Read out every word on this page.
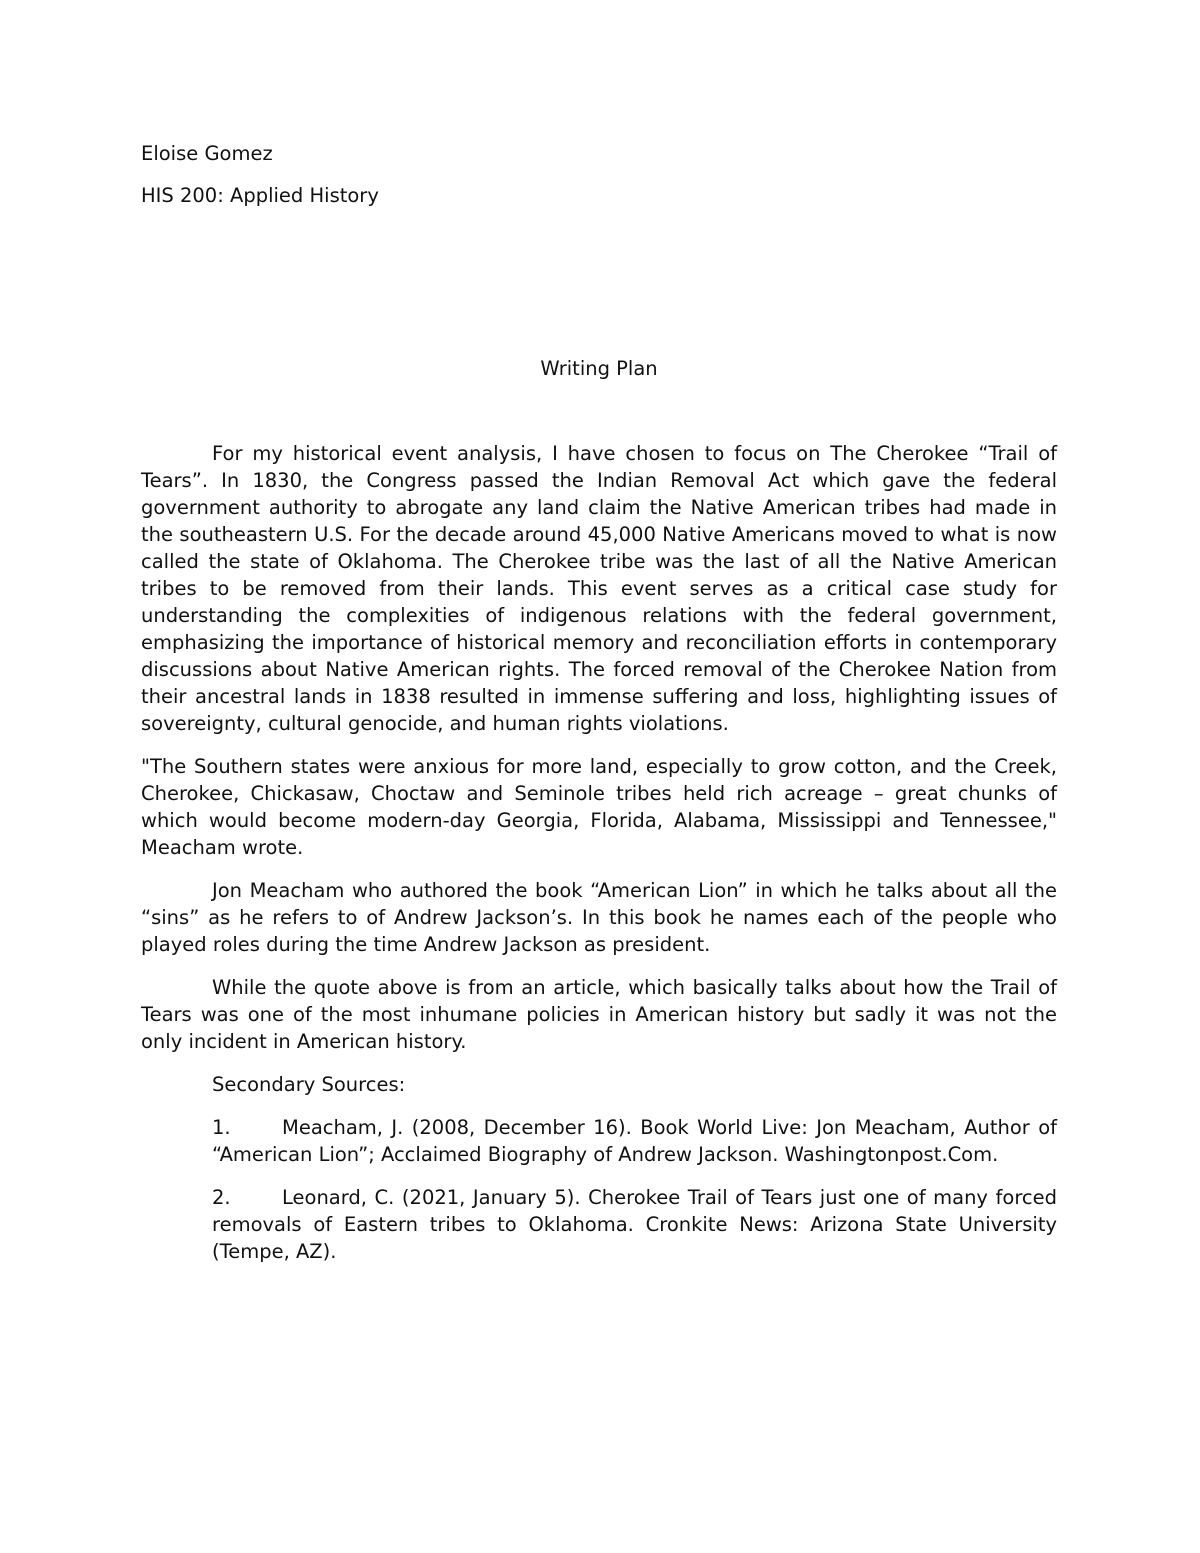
Eloise Gomez

HIS 200: Applied History

Writing Plan

For my historical event analysis, I have chosen to focus on The Cherokee “Trail of Tears”. In 1830, the Congress passed the Indian Removal Act which gave the federal government authority to abrogate any land claim the Native American tribes had made in the southeastern U.S. For the decade around 45,000 Native Americans moved to what is now called the state of Oklahoma. The Cherokee tribe was the last of all the Native American tribes to be removed from their lands. This event serves as a critical case study for understanding the complexities of indigenous relations with the federal government, emphasizing the importance of historical memory and reconciliation efforts in contemporary discussions about Native American rights. The forced removal of the Cherokee Nation from their ancestral lands in 1838 resulted in immense suffering and loss, highlighting issues of sovereignty, cultural genocide, and human rights violations.

"The Southern states were anxious for more land, especially to grow cotton, and the Creek, Cherokee, Chickasaw, Choctaw and Seminole tribes held rich acreage – great chunks of which would become modern-day Georgia, Florida, Alabama, Mississippi and Tennessee," Meacham wrote.

Jon Meacham who authored the book “American Lion” in which he talks about all the “sins” as he refers to of Andrew Jackson’s. In this book he names each of the people who played roles during the time Andrew Jackson as president.

While the quote above is from an article, which basically talks about how the Trail of Tears was one of the most inhumane policies in American history but sadly it was not the only incident in American history.

Secondary Sources:

1.	Meacham, J. (2008, December 16). Book World Live: Jon Meacham, Author of “American Lion”; Acclaimed Biography of Andrew Jackson. Washingtonpost.Com.

2.	Leonard, C. (2021, January 5). Cherokee Trail of Tears just one of many forced removals of Eastern tribes to Oklahoma. Cronkite News: Arizona State University (Tempe, AZ).
